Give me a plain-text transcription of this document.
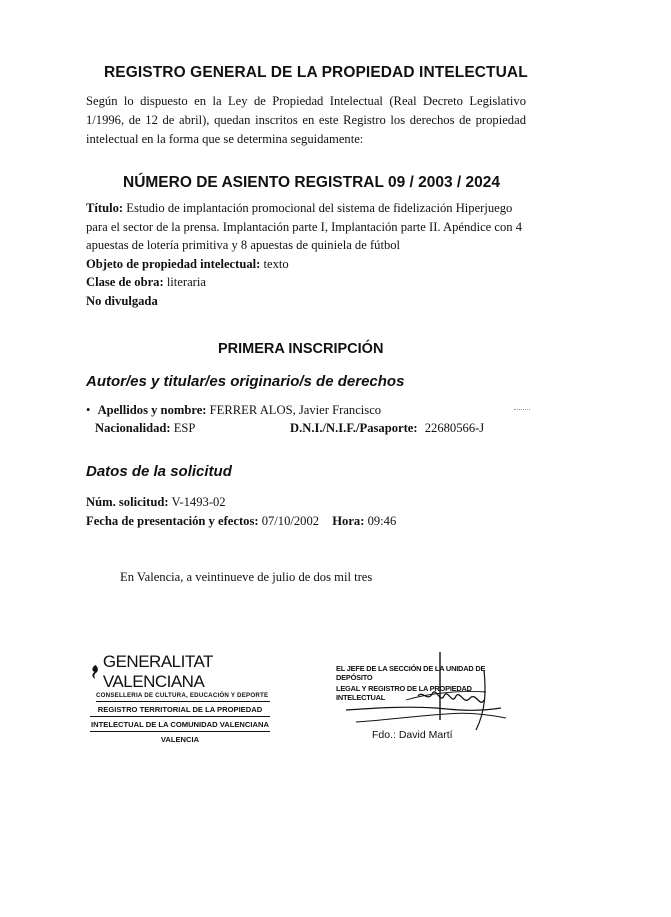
REGISTRO GENERAL DE LA PROPIEDAD INTELECTUAL
Según lo dispuesto en la Ley de Propiedad Intelectual (Real Decreto Legislativo 1/1996, de 12 de abril), quedan inscritos en este Registro los derechos de propiedad intelectual en la forma que se determina seguidamente:
NÚMERO DE ASIENTO REGISTRAL 09 / 2003 / 2024
Título: Estudio de implantación promocional del sistema de fidelización Hiperjuego para el sector de la prensa. Implantación parte I, Implantación parte II. Apéndice con 4 apuestas de lotería primitiva y 8 apuestas de quiniela de fútbol
Objeto de propiedad intelectual: texto
Clase de obra: literaria
No divulgada
PRIMERA INSCRIPCIÓN
Autor/es y titular/es originario/s de derechos
• Apellidos y nombre: FERRER ALOS, Javier Francisco
Nacionalidad: ESP	D.N.I./N.I.F./Pasaporte: 22680566-J
Datos de la solicitud
Núm. solicitud: V-1493-02
Fecha de presentación y efectos: 07/10/2002 Hora: 09:46
En Valencia, a veintinueve de julio de dos mil tres
GENERALITAT VALENCIANA
CONSELLERIA DE CULTURA, EDUCACIÓN Y DEPORTE
REGISTRO TERRITORIAL DE LA PROPIEDAD
INTELECTUAL DE LA COMUNIDAD VALENCIANA
VALENCIA
EL JEFE DE LA SECCIÓN DE LA UNIDAD DE DEPÓSITO
LEGAL Y REGISTRO DE LA PROPIEDAD INTELECTUAL
Fdo.: David Martí
